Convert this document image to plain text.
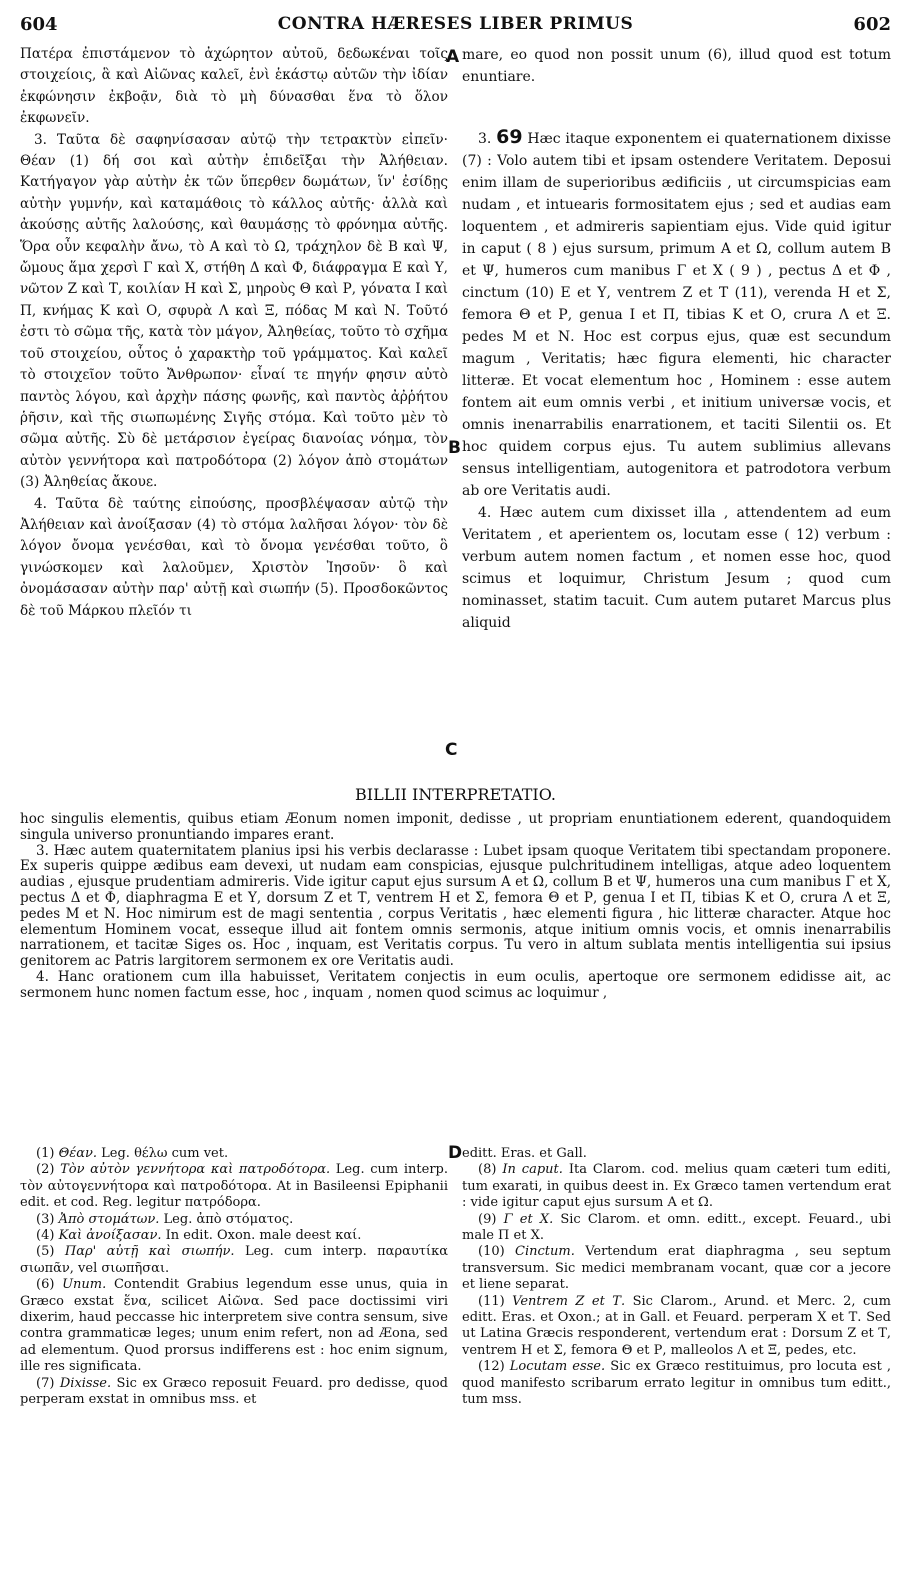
604	CONTRA HÆRESES LIBER PRIMUS	602

Πατέρα ἐπιστάμενον τὸ ἀχώρητον αὐτοῦ, δεδωκέναι τοῖς στοιχείοις, ἃ καὶ Αἰῶνας καλεῖ, ἑνὶ ἑκάστῳ αὐτῶν τὴν ἰδίαν ἐκφώνησιν ἐκβοᾷν, διὰ τὸ μὴ δύνασθαι ἕνα τὸ ὅλον ἐκφωνεῖν.

3. Ταῦτα δὲ σαφηνίσασαν αὐτῷ τὴν τετρακτὺν εἰπεῖν· Θέαν (1) δή σοι καὶ αὐτὴν ἐπιδεῖξαι τὴν Ἀλήθειαν. Κατήγαγον γὰρ αὐτὴν ἐκ τῶν ὕπερθεν δωμάτων, ἵν' ἐσίδῃς αὐτὴν γυμνήν, καὶ καταμάθοις τὸ κάλλος αὐτῆς· ἀλλὰ καὶ ἀκούσῃς αὐτῆς λαλούσης, καὶ θαυμάσῃς τὸ φρόνημα αὐτῆς. Ὅρα οὖν κεφαλὴν ἄνω, τὸ Α καὶ τὸ Ω, τράχηλον δὲ Β καὶ Ψ, ὤμους ἅμα χερσὶ Γ καὶ Χ, στήθη Δ καὶ Φ, διάφραγμα Ε καὶ Υ, νῶτον Ζ καὶ Τ, κοιλίαν Η καὶ Σ, μηροὺς Θ καὶ Ρ, γόνατα Ι καὶ Π, κνήμας Κ καὶ Ο, σφυρὰ Λ καὶ Ξ, πόδας Μ καὶ Ν. Τοῦτό ἐστι τὸ σῶμα τῆς, κατὰ τὸν μάγον, Ἀληθείας, τοῦτο τὸ σχῆμα τοῦ στοιχείου, οὗτος ὁ χαρακτὴρ τοῦ γράμματος. Καὶ καλεῖ τὸ στοιχεῖον τοῦτο Ἄνθρωπον· εἶναί τε πηγήν φησιν αὐτὸ παντὸς λόγου, καὶ ἀρχὴν πάσης φωνῆς, καὶ παντὸς ἀῤῥήτου ῥῆσιν, καὶ τῆς σιωπωμένης Σιγῆς στόμα. Καὶ τοῦτο μὲν τὸ σῶμα αὐτῆς. Σὺ δὲ μετάρσιον ἐγείρας διανοίας νόημα, τὸν αὐτὸν γεννήτορα καὶ πατροδότορα (2) λόγον ἀπὸ στομάτων (3) Ἀληθείας ἄκουε.

4. Ταῦτα δὲ ταύτης εἰπούσης, προσβλέψασαν αὐτῷ τὴν Ἀλήθειαν καὶ ἀνοίξασαν (4) τὸ στόμα λαλῆσαι λόγον· τὸν δὲ λόγον ὄνομα γενέσθαι, καὶ τὸ ὄνομα γενέσθαι τοῦτο, ὃ γινώσκομεν καὶ λαλοῦμεν, Χριστὸν Ἰησοῦν· ὃ καὶ ὀνομάσασαν αὐτὴν παρ' αὐτῇ καὶ σιωπήν (5). Προσδοκῶντος δὲ τοῦ Μάρκου πλεῖόν τι

A
B
C

mare, eo quod non possit unum (6), illud quod est totum enuntiare.

3. 69 Hæc itaque exponentem ei quaternationem dixisse (7) : Volo autem tibi et ipsam ostendere Veritatem. Deposui enim illam de superioribus ædificiis , ut circumspicias eam nudam , et intuearis formositatem ejus ; sed et audias eam loquentem , et admireris sapientiam ejus. Vide quid igitur in caput ( 8 ) ejus sursum, primum Α et Ω, collum autem Β et Ψ, humeros cum manibus Γ et Χ ( 9 ) , pectus Δ et Φ , cinctum (10) Ε et Υ, ventrem Ζ et Τ (11), verenda Η et Σ, femora Θ et Ρ, genua Ι et Π, tibias Κ et Ο, crura Λ et Ξ. pedes Μ et Ν. Hoc est corpus ejus, quæ est secundum magum , Veritatis; hæc figura elementi, hic character litteræ. Et vocat elementum hoc , Hominem : esse autem fontem ait eum omnis verbi , et initium universæ vocis, et omnis inenarrabilis enarrationem, et taciti Silentii os. Et hoc quidem corpus ejus. Tu autem sublimius allevans sensus intelligentiam, autogenitora et patrodotora verbum ab ore Veritatis audi.

4. Hæc autem cum dixisset illa , attendentem ad eum Veritatem , et aperientem os, locutam esse ( 12) verbum : verbum autem nomen factum , et nomen esse hoc, quod scimus et loquimur, Christum Jesum ; quod cum nominasset, statim tacuit. Cum autem putaret Marcus plus aliquid

BILLII INTERPRETATIO.

hoc singulis elementis, quibus etiam Æonum nomen imponit, dedisse , ut propriam enuntiationem ederent, quandoquidem singula universo pronuntiando impares erant.

3. Hæc autem quaternitatem planius ipsi his verbis declarasse : Lubet ipsam quoque Veritatem tibi spectandam proponere. Ex superis quippe ædibus eam devexi, ut nudam eam conspicias, ejusque pulchritudinem intelligas, atque adeo loquentem audias , ejusque prudentiam admireris. Vide igitur caput ejus sursum Α et Ω, collum Β et Ψ, humeros una cum manibus Γ et Χ, pectus Δ et Φ, diaphragma Ε et Υ, dorsum Ζ et Τ, ventrem Η et Σ, femora Θ et Ρ, genua Ι et Π, tibias Κ et Ο, crura Λ et Ξ, pedes Μ et Ν. Hoc nimirum est de magi sententia , corpus Veritatis , hæc elementi figura , hic litteræ character. Atque hoc elementum Hominem vocat, esseque illud ait fontem omnis sermonis, atque initium omnis vocis, et omnis inenarrabilis narrationem, et tacitæ Siges os. Hoc , inquam, est Veritatis corpus. Tu vero in altum sublata mentis intelligentia sui ipsius genitorem ac Patris largitorem sermonem ex ore Veritatis audi.

4. Hanc orationem cum illa habuisset, Veritatem conjectis in eum oculis, apertoque ore sermonem edidisse ait, ac sermonem hunc nomen factum esse, hoc , inquam , nomen quod scimus ac loquimur ,

D

(1) Θέαν. Leg. θέλω cum vet.

(2) Τὸν αὐτὸν γεννήτορα καὶ πατροδότορα. Leg. cum interp. τὸν αὐτογεννήτορα καὶ πατροδότορα. At in Basileensi Epiphanii edit. et cod. Reg. legitur πατρόδορα.

(3) Ἀπὸ στομάτων. Leg. ἀπὸ στόματος.

(4) Καὶ ἀνοίξασαν. In edit. Oxon. male deest καί.

(5) Παρ' αὐτῇ καὶ σιωπήν. Leg. cum interp. παραυτίκα σιωπᾶν, vel σιωπῆσαι.

(6) Unum. Contendit Grabius legendum esse unus, quia in Græco exstat ἕνα, scilicet Αἰῶνα. Sed pace doctissimi viri dixerim, haud peccasse hic interpretem sive contra sensum, sive contra grammaticæ leges; unum enim refert, non ad Æona, sed ad elementum. Quod prorsus indifferens est : hoc enim signum, ille res significata.

(7) Dixisse. Sic ex Græco reposuit Feuard. pro dedisse, quod perperam exstat in omnibus mss. et

editt. Eras. et Gall.

(8) In caput. Ita Clarom. cod. melius quam cæteri tum editi, tum exarati, in quibus deest in. Ex Græco tamen vertendum erat : vide igitur caput ejus sursum Α et Ω.

(9) Γ et Χ. Sic Clarom. et omn. editt., except. Feuard., ubi male Π et Χ.

(10) Cinctum. Vertendum erat diaphragma , seu septum transversum. Sic medici membranam vocant, quæ cor a jecore et liene separat.

(11) Ventrem Ζ et Τ. Sic Clarom., Arund. et Merc. 2, cum editt. Eras. et Oxon.; at in Gall. et Feuard. perperam Χ et Τ. Sed ut Latina Græcis responderent, vertendum erat : Dorsum Ζ et Τ, ventrem Η et Σ, femora Θ et Ρ, malleolos Λ et Ξ, pedes, etc.

(12) Locutam esse. Sic ex Græco restituimus, pro locuta est , quod manifesto scribarum errato legitur in omnibus tum editt., tum mss.
